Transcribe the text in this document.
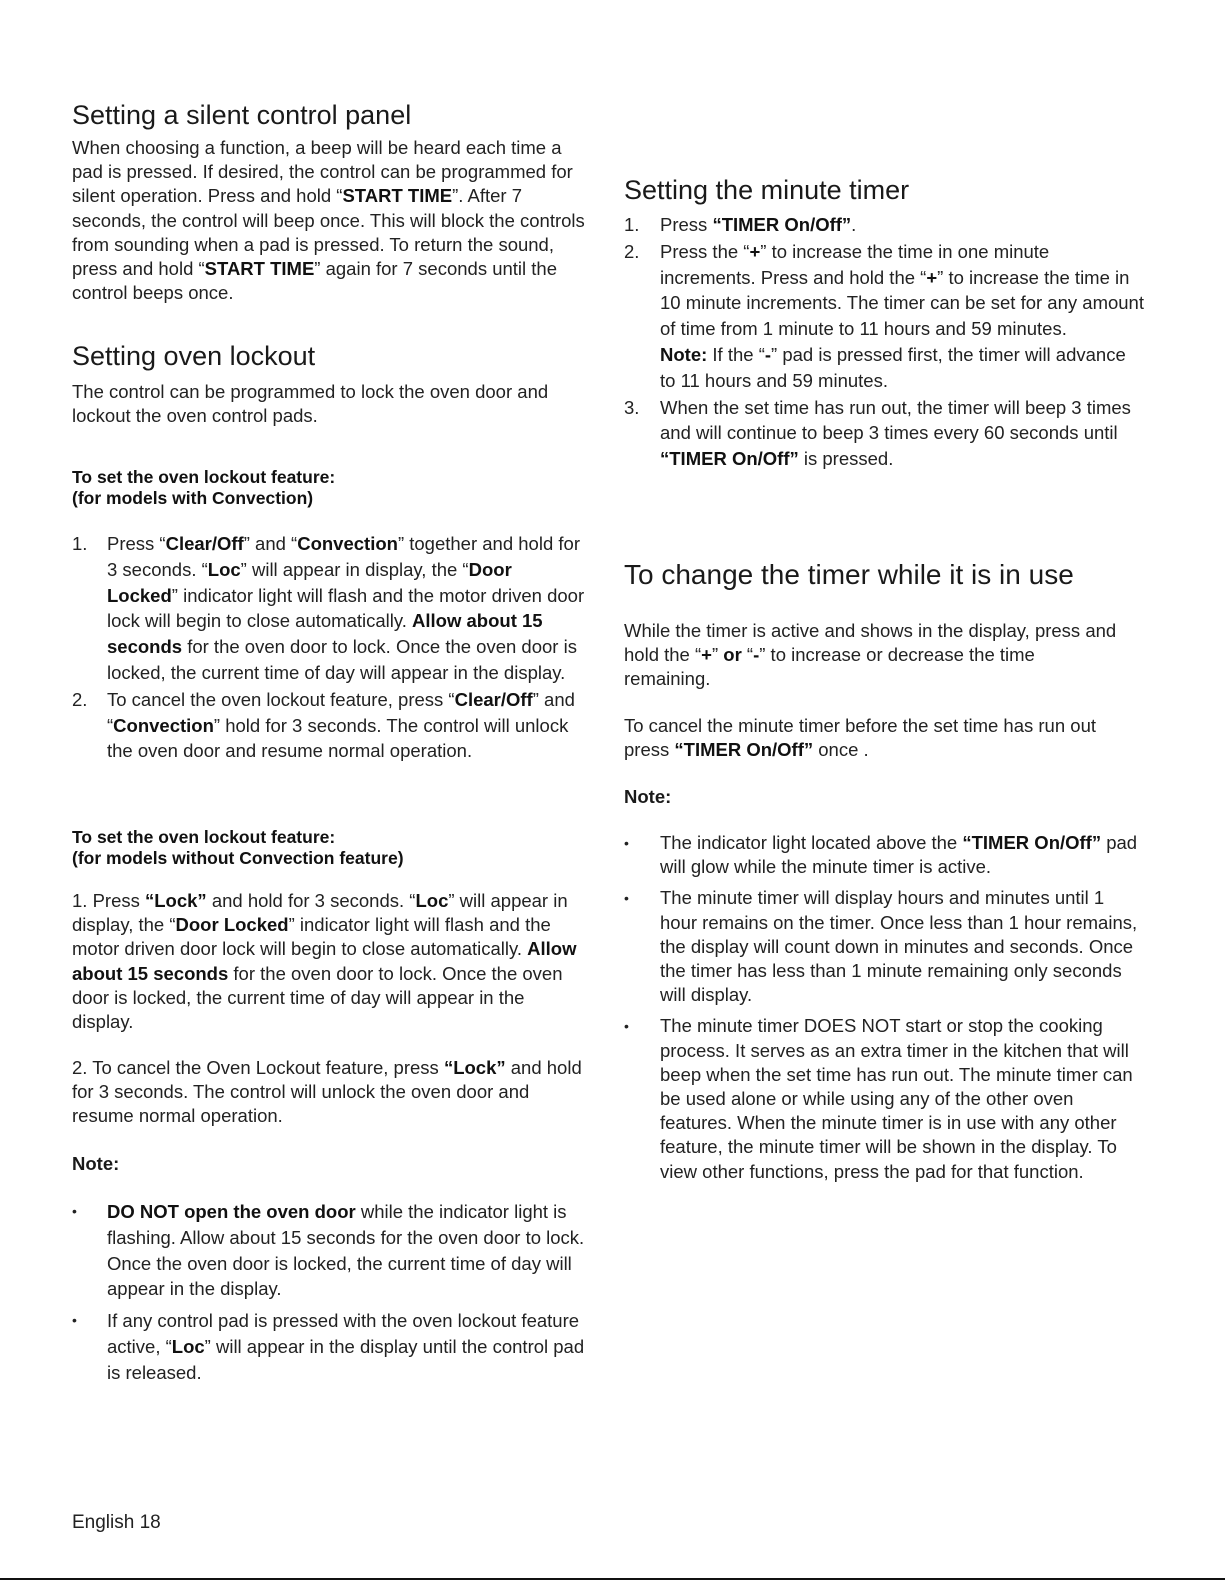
Setting a silent control panel

When choosing a function, a beep will be heard each time a pad is pressed. If desired, the control can be programmed for silent operation. Press and hold “START TIME”. After 7 seconds, the control will beep once. This will block the controls from sounding when a pad is pressed. To return the sound, press and hold “START TIME” again for 7 seconds until the control beeps once.

Setting oven lockout

The control can be programmed to lock the oven door and lockout the oven control pads.

To set the oven lockout feature:
(for models with Convection)
1. Press “Clear/Off” and “Convection” together and hold for 3 seconds. “Loc” will appear in display, the “Door Locked” indicator light will flash and the motor driven door lock will begin to close automatically. Allow about 15 seconds for the oven door to lock. Once the oven door is locked, the current time of day will appear in the display.
2. To cancel the oven lockout feature, press “Clear/Off” and “Convection” hold for 3 seconds. The control will unlock the oven door and resume normal operation.
To set the oven lockout feature:
(for models without Convection feature)

1. Press “Lock” and hold for 3 seconds. “Loc” will appear in display, the “Door Locked” indicator light will flash and the motor driven door lock will begin to close automatically. Allow about 15 seconds for the oven door to lock. Once the oven door is locked, the current time of day will appear in the display.

2. To cancel the Oven Lockout feature, press “Lock” and hold for 3 seconds. The control will unlock the oven door and resume normal operation.

Note:
• DO NOT open the oven door while the indicator light is flashing. Allow about 15 seconds for the oven door to lock. Once the oven door is locked, the current time of day will appear in the display.
• If any control pad is pressed with the oven lockout feature active, “Loc” will appear in the display until the control pad is released.
Setting the minute timer
1. Press “TIMER On/Off”.
2. Press the “+” to increase the time in one minute increments. Press and hold the “+” to increase the time in 10 minute increments. The timer can be set for any amount of time from 1 minute to 11 hours and 59 minutes.
Note: If the “-” pad is pressed first, the timer will advance to 11 hours and 59 minutes.
3. When the set time has run out, the timer will beep 3 times and will continue to beep 3 times every 60 seconds until “TIMER On/Off” is pressed.
To change the timer while it is in use

While the timer is active and shows in the display, press and hold the “+” or “-” to increase or decrease the time remaining.

To cancel the minute timer before the set time has run out press “TIMER On/Off” once .

Note:
• The indicator light located above the “TIMER On/Off” pad will glow while the minute timer is active.
• The minute timer will display hours and minutes until 1 hour remains on the timer. Once less than 1 hour remains, the display will count down in minutes and seconds. Once the timer has less than 1 minute remaining only seconds will display.
• The minute timer DOES NOT start or stop the cooking process. It serves as an extra timer in the kitchen that will beep when the set time has run out. The minute timer can be used alone or while using any of the other oven features. When the minute timer is in use with any other feature, the minute timer will be shown in the display. To view other functions, press the pad for that function.
English 18
